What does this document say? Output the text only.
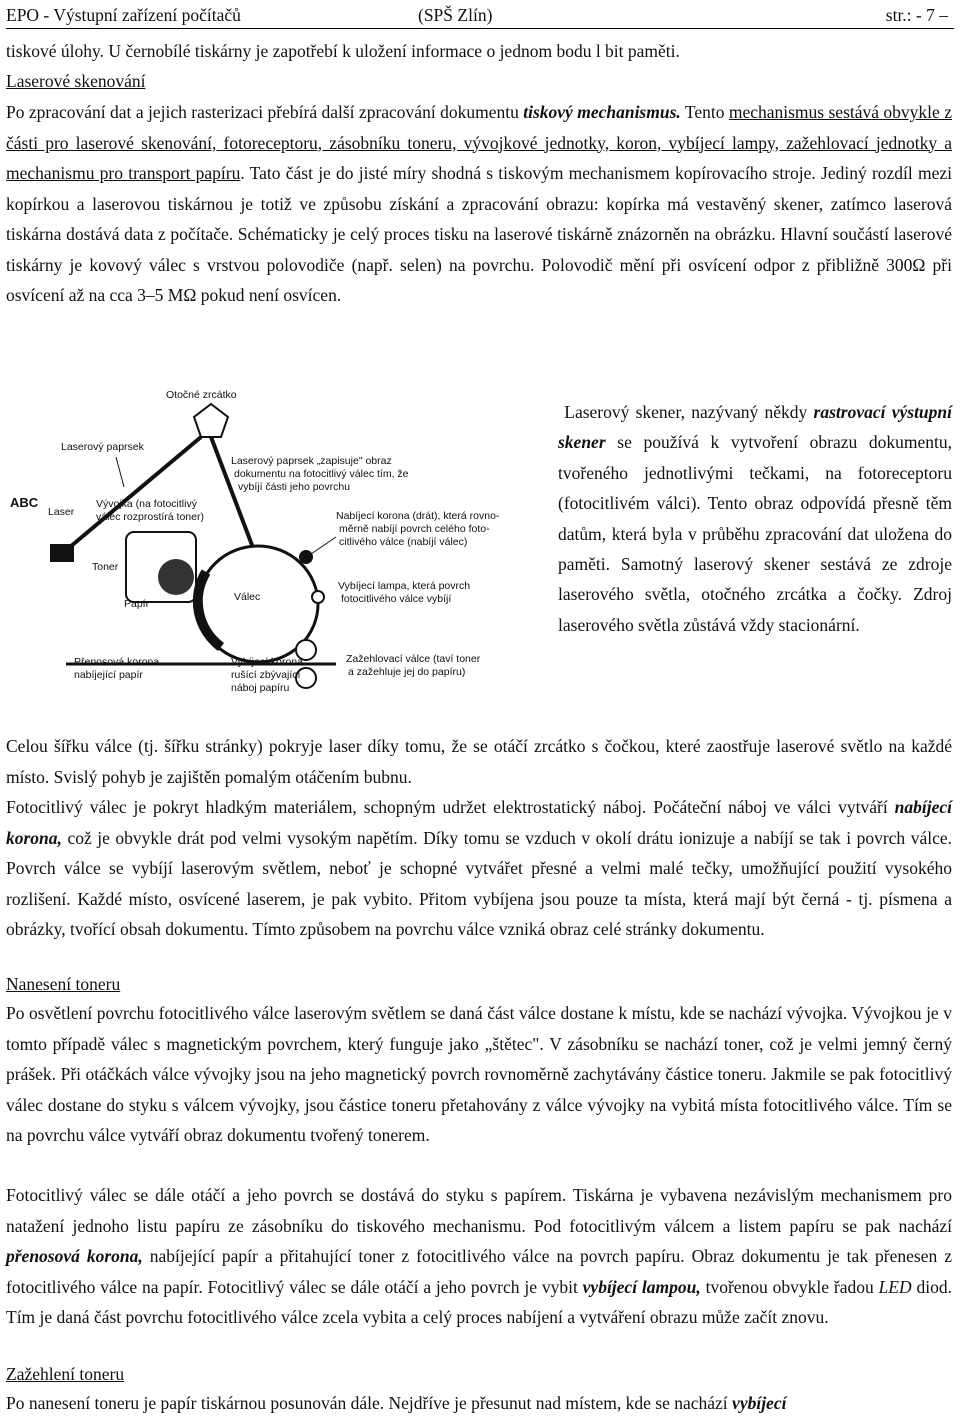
EPO - Výstupní zařízení počítačů	(SPŠ Zlín)	str.: - 7 –

tiskové úlohy. U černobílé tiskárny je zapotřebí k uložení informace o jednom bodu l bit paměti.

Laserové skenování

Po zpracování dat a jejich rasterizaci přebírá další zpracování dokumentu tiskový mechanismus. Tento mechanismus sestává obvykle z části pro laserové skenování, fotoreceptoru, zásobníku toneru, vývojkové jednotky, koron, vybíjecí lampy, zažehlovací jednotky a mechanismu pro transport papíru. Tato část je do jisté míry shodná s tiskovým mechanismem kopírovacího stroje. Jediný rozdíl mezi kopírkou a laserovou tiskárnou je totiž ve způsobu získání a zpracování obrazu: kopírka má vestavěný skener, zatímco laserová tiskárna dostává data z počítače. Schématicky je celý proces tisku na laserové tiskárně znázorněn na obrázku. Hlavní součástí laserové tiskárny je kovový válec s vrstvou polovodiče (např. selen) na povrchu. Polovodič mění při osvícení odpor z přibližně 300Ω při osvícení až na cca 3–5 MΩ pokud není osvícen.

Otočné zrcátko
Laserový paprsek
ABC
Laser
Vývojka (na fotocitlivý
válec rozprostírá toner)
Toner
Laserový paprsek „zapisuje" obraz
dokumentu na fotocitlivý válec tím, že
vybíjí části jeho povrchu
Válec
Nabíjecí korona (drát), která rovno-
měrně nabíjí povrch celého foto-
citlivého válce (nabíjí válec)
Papír
Vybíjecí lampa, která povrch
fotocitlivého válce vybíjí
Zažehlovací válce (taví toner
a zažehluje jej do papíru)
Přenosová korona
nabíjející papír
Vybíjecí korona
rušící zbývající
náboj papíru

Laserový skener, nazývaný někdy rastrovací výstupní skener se používá k vytvoření obrazu dokumentu, tvořeného jednotlivými tečkami, na fotoreceptoru (fotocitlivém válci). Tento obraz odpovídá přesně těm datům, která byla v průběhu zpracování dat uložena do paměti. Samotný laserový skener sestává ze zdroje laserového světla, otočného zrcátka a čočky. Zdroj laserového světla zůstává vždy stacionární.

Celou šířku válce (tj. šířku stránky) pokryje laser díky tomu, že se otáčí zrcátko s čočkou, které zaostřuje laserové světlo na každé místo. Svislý pohyb je zajištěn pomalým otáčením bubnu.

Fotocitlivý válec je pokryt hladkým materiálem, schopným udržet elektrostatický náboj. Počáteční náboj ve válci vytváří nabíjecí korona, což je obvykle drát pod velmi vysokým napětím. Díky tomu se vzduch v okolí drátu ionizuje a nabíjí se tak i povrch válce. Povrch válce se vybíjí laserovým světlem, neboť je schopné vytvářet přesné a velmi malé tečky, umožňující použití vysokého rozlišení. Každé místo, osvícené laserem, je pak vybito. Přitom vybíjena jsou pouze ta místa, která mají být černá - tj. písmena a obrázky, tvořící obsah dokumentu. Tímto způsobem na povrchu válce vzniká obraz celé stránky dokumentu.

Nanesení toneru

Po osvětlení povrchu fotocitlivého válce laserovým světlem se daná část válce dostane k místu, kde se nachází vývojka. Vývojkou je v tomto případě válec s magnetickým povrchem, který funguje jako „štětec". V zásobníku se nachází toner, což je velmi jemný černý prášek. Při otáčkách válce vývojky jsou na jeho magnetický povrch rovnoměrně zachytávány částice toneru. Jakmile se pak fotocitlivý válec dostane do styku s válcem vývojky, jsou částice toneru přetahovány z válce vývojky na vybitá místa fotocitlivého válce. Tím se na povrchu válce vytváří obraz dokumentu tvořený tonerem.

Fotocitlivý válec se dále otáčí a jeho povrch se dostává do styku s papírem. Tiskárna je vybavena nezávislým mechanismem pro natažení jednoho listu papíru ze zásobníku do tiskového mechanismu. Pod fotocitlivým válcem a listem papíru se pak nachází přenosová korona, nabíjející papír a přitahující toner z fotocitlivého válce na povrch papíru. Obraz dokumentu je tak přenesen z fotocitlivého válce na papír. Fotocitlivý válec se dále otáčí a jeho povrch je vybit vybíjecí lampou, tvořenou obvykle řadou LED diod. Tím je daná část povrchu fotocitlivého válce zcela vybita a celý proces nabíjení a vytváření obrazu může začít znovu.

Zažehlení toneru

Po nanesení toneru je papír tiskárnou posunován dále. Nejdříve je přesunut nad místem, kde se nachází vybíjecí
